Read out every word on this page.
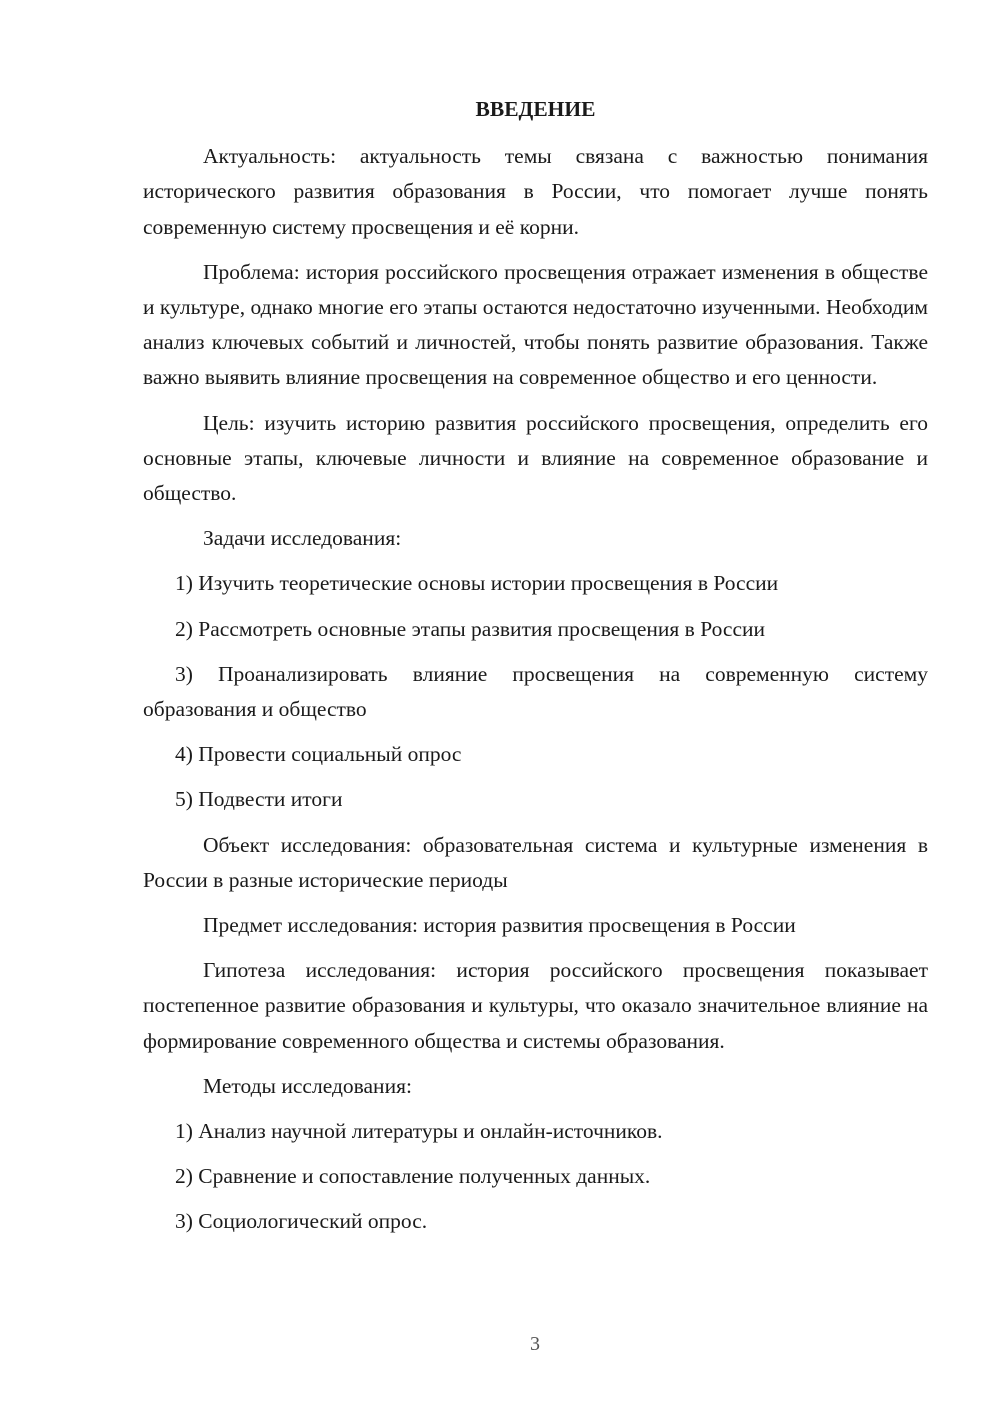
ВВЕДЕНИЕ
Актуальность: актуальность темы связана с важностью понимания исторического развития образования в России, что помогает лучше понять современную систему просвещения и её корни.
Проблема: история российского просвещения отражает изменения в обществе и культуре, однако многие его этапы остаются недостаточно изученными. Необходим анализ ключевых событий и личностей, чтобы понять развитие образования. Также важно выявить влияние просвещения на современное общество и его ценности.
Цель: изучить историю развития российского просвещения, определить его основные этапы, ключевые личности и влияние на современное образование и общество.
Задачи исследования:
1) Изучить теоретические основы истории просвещения в России
2) Рассмотреть основные этапы развития просвещения в России
3) Проанализировать влияние просвещения на современную систему образования и общество
4) Провести социальный опрос
5) Подвести итоги
Объект исследования: образовательная система и культурные изменения в России в разные исторические периоды
Предмет исследования: история развития просвещения в России
Гипотеза исследования: история российского просвещения показывает постепенное развитие образования и культуры, что оказало значительное влияние на формирование современного общества и системы образования.
Методы исследования:
1) Анализ научной литературы и онлайн-источников.
2) Сравнение и сопоставление полученных данных.
3) Социологический опрос.
3
